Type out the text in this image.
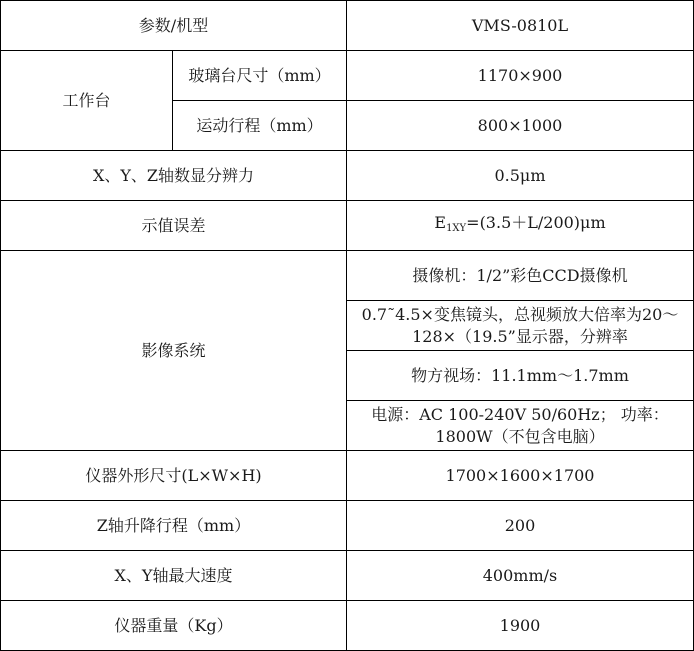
参数/机型		VMS-0810L
工作台	玻璃台尺寸（mm）	1170×900
	运动行程（mm）	800×1000
X、Y、Z轴数显分辨力		0.5μm
示值误差		$E_{1XY}=(3.5+L/200)\mu m$
影像系统		摄像机：1/2”彩色CCD摄像机
		0.7˜4.5×变焦镜头，总视频放大倍率为20～128×（19.5”显示器，分辨率
		物方视场：11.1mm～1.7mm
		电源：AC 100-240V 50/60Hz； 功率：1800W（不包含电脑）
仪器外形尺寸(L×W×H)		1700×1600×1700
Z轴升降行程（mm）		200
X、Y轴最大速度		400mm/s
仪器重量（Kg）		1900
